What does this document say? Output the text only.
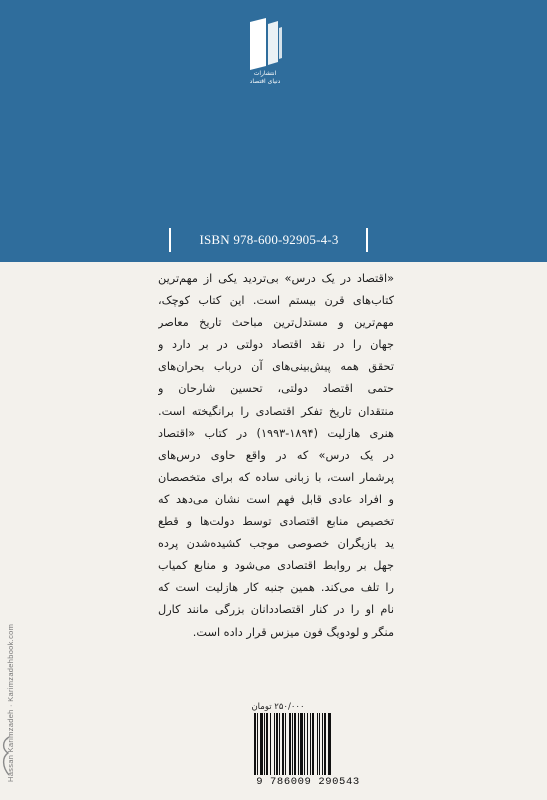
انتشارات
دنیای اقتصاد
ISBN 978-600-92905-4-3
«اقتصاد در یک درس» بی‌تردید یکی از مهم‌ترین
کتاب‌های قرن بیستم است. این کتاب کوچک،
مهم‌ترین و مستدل‌ترین مباحث تاریخ معاصر
جهان را در نقد اقتصاد دولتی در بر دارد و
تحقق همه پیش‌بینی‌های آن درباب بحران‌های
حتمی اقتصاد دولتی، تحسین شارحان و
منتقدان تاریخ تفکر اقتصادی را برانگیخته است.
هنری هازلیت (۱۸۹۴-۱۹۹۳) در کتاب «اقتصاد
در یک درس» که در واقع حاوی درس‌های
پرشمار است، با زبانی ساده که برای متخصصان
و افراد عادی قابل فهم است نشان می‌دهد که
تخصیص منابع اقتصادی توسط دولت‌ها و قطع
ید بازیگران خصوصی موجب کشیده‌شدن پرده
جهل بر روابط اقتصادی می‌شود و منابع کمیاب
را تلف می‌کند. همین جنبه کار هازلیت است که
نام او را در کنار اقتصاددانان بزرگی مانند کارل
منگر و لودویگ فون میزس قرار داده است.
Hassan Karimzadeh · Karimzadehbook.com	۲۵۰/۰۰۰ تومان
9 786009 290543
